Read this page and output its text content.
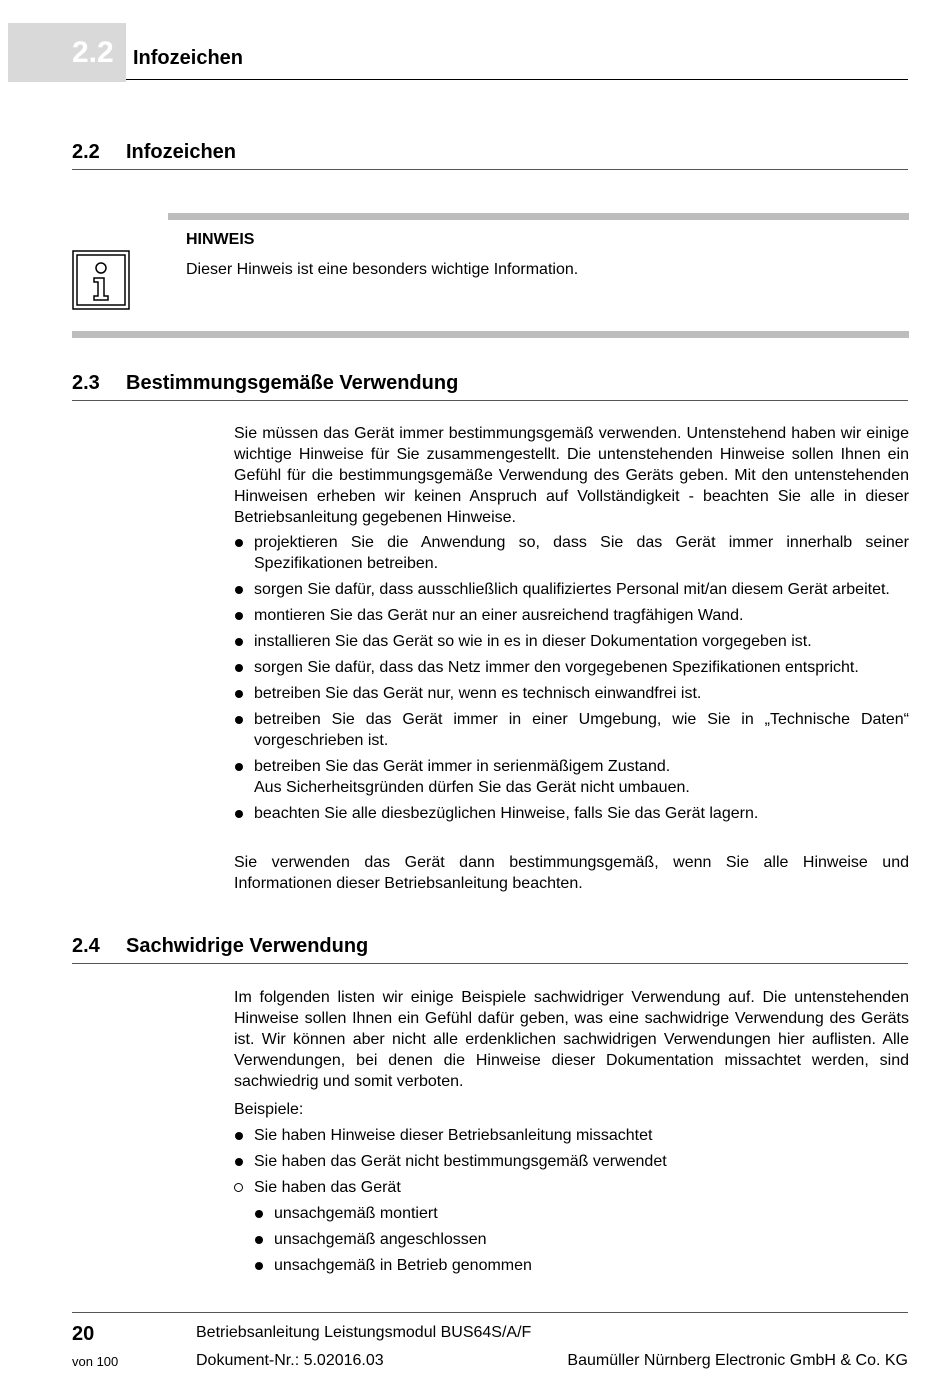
2.2 Infozeichen
2.2 Infozeichen
HINWEIS
Dieser Hinweis ist eine besonders wichtige Information.
2.3 Bestimmungsgemäße Verwendung

Sie müssen das Gerät immer bestimmungsgemäß verwenden. Untenstehend haben wir einige wichtige Hinweise für Sie zusammengestellt. Die untenstehenden Hinweise sollen Ihnen ein Gefühl für die bestimmungsgemäße Verwendung des Geräts geben. Mit den untenstehenden Hinweisen erheben wir keinen Anspruch auf Vollständigkeit - beachten Sie alle in dieser Betriebsanleitung gegebenen Hinweise.

projektieren Sie die Anwendung so, dass Sie das Gerät immer innerhalb seiner Spezifikationen betreiben.
sorgen Sie dafür, dass ausschließlich qualifiziertes Personal mit/an diesem Gerät arbeitet.
montieren Sie das Gerät nur an einer ausreichend tragfähigen Wand.
installieren Sie das Gerät so wie in es in dieser Dokumentation vorgegeben ist.
sorgen Sie dafür, dass das Netz immer den vorgegebenen Spezifikationen entspricht.
betreiben Sie das Gerät nur, wenn es technisch einwandfrei ist.
betreiben Sie das Gerät immer in einer Umgebung, wie Sie in „Technische Daten“ vorgeschrieben ist.
betreiben Sie das Gerät immer in serienmäßigem Zustand.
Aus Sicherheitsgründen dürfen Sie das Gerät nicht umbauen.
beachten Sie alle diesbezüglichen Hinweise, falls Sie das Gerät lagern.

Sie verwenden das Gerät dann bestimmungsgemäß, wenn Sie alle Hinweise und Informationen dieser Betriebsanleitung beachten.

2.4 Sachwidrige Verwendung

Im folgenden listen wir einige Beispiele sachwidriger Verwendung auf. Die untenstehenden Hinweise sollen Ihnen ein Gefühl dafür geben, was eine sachwidrige Verwendung des Geräts ist. Wir können aber nicht alle erdenklichen sachwidrigen Verwendungen hier auflisten. Alle Verwendungen, bei denen die Hinweise dieser Dokumentation missachtet werden, sind sachwiedrig und somit verboten.

Beispiele:

Sie haben Hinweise dieser Betriebsanleitung missachtet
Sie haben das Gerät nicht bestimmungsgemäß verwendet
Sie haben das Gerät
unsachgemäß montiert
unsachgemäß angeschlossen
unsachgemäß in Betrieb genommen
20
von 100
Betriebsanleitung Leistungsmodul BUS64S/A/F
Dokument-Nr.: 5.02016.03	Baumüller Nürnberg Electronic GmbH & Co. KG
